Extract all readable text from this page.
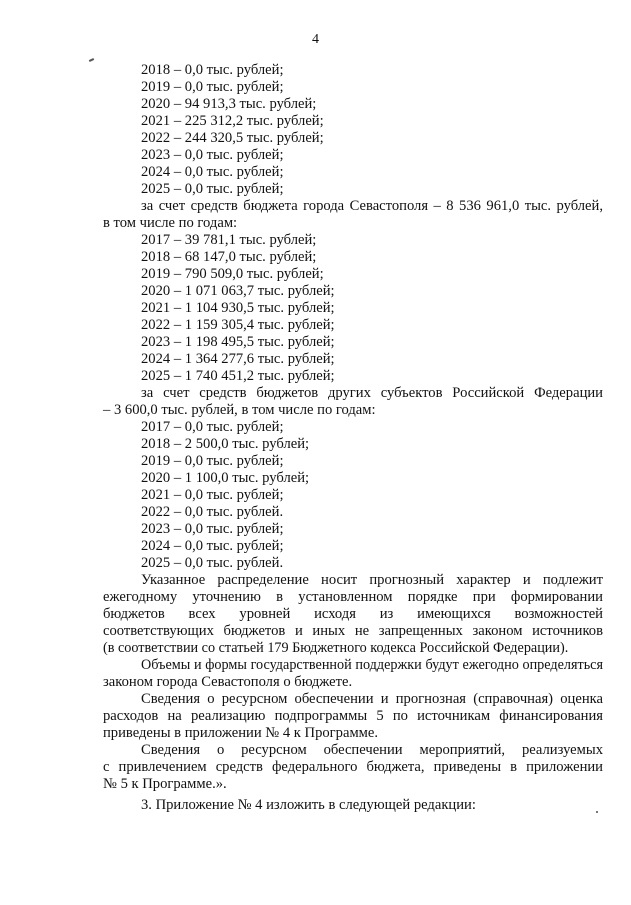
4
2018 – 0,0 тыс. рублей;
2019 – 0,0 тыс. рублей;
2020 – 94 913,3 тыс. рублей;
2021 – 225 312,2 тыс. рублей;
2022 – 244 320,5 тыс. рублей;
2023 – 0,0 тыс. рублей;
2024 – 0,0 тыс. рублей;
2025 – 0,0 тыс. рублей;
за счет средств бюджета города Севастополя – 8 536 961,0 тыс. рублей,
в том числе по годам:
2017 – 39 781,1 тыс. рублей;
2018 – 68 147,0 тыс. рублей;
2019 – 790 509,0 тыс. рублей;
2020 – 1 071 063,7 тыс. рублей;
2021 – 1 104 930,5 тыс. рублей;
2022 – 1 159 305,4 тыс. рублей;
2023 – 1 198 495,5 тыс. рублей;
2024 – 1 364 277,6 тыс. рублей;
2025 – 1 740 451,2 тыс. рублей;
за счет средств бюджетов других субъектов Российской Федерации
– 3 600,0 тыс. рублей, в том числе по годам:
2017 – 0,0 тыс. рублей;
2018 – 2 500,0 тыс. рублей;
2019 – 0,0 тыс. рублей;
2020 – 1 100,0 тыс. рублей;
2021 – 0,0 тыс. рублей;
2022 – 0,0 тыс. рублей.
2023 – 0,0 тыс. рублей;
2024 – 0,0 тыс. рублей;
2025 – 0,0 тыс. рублей.
Указанное распределение носит прогнозный характер и подлежит
ежегодному уточнению в установленном порядке при формировании
бюджетов всех уровней исходя из имеющихся возможностей
соответствующих бюджетов и иных не запрещенных законом источников
(в соответствии со статьей 179 Бюджетного кодекса Российской Федерации).
Объемы и формы государственной поддержки будут ежегодно определяться
законом города Севастополя о бюджете.
Сведения о ресурсном обеспечении и прогнозная (справочная) оценка
расходов на реализацию подпрограммы 5 по источникам финансирования
приведены в приложении № 4 к Программе.
Сведения о ресурсном обеспечении мероприятий, реализуемых
с привлечением средств федерального бюджета, приведены в приложении
№ 5 к Программе.».
3. Приложение № 4 изложить в следующей редакции:
